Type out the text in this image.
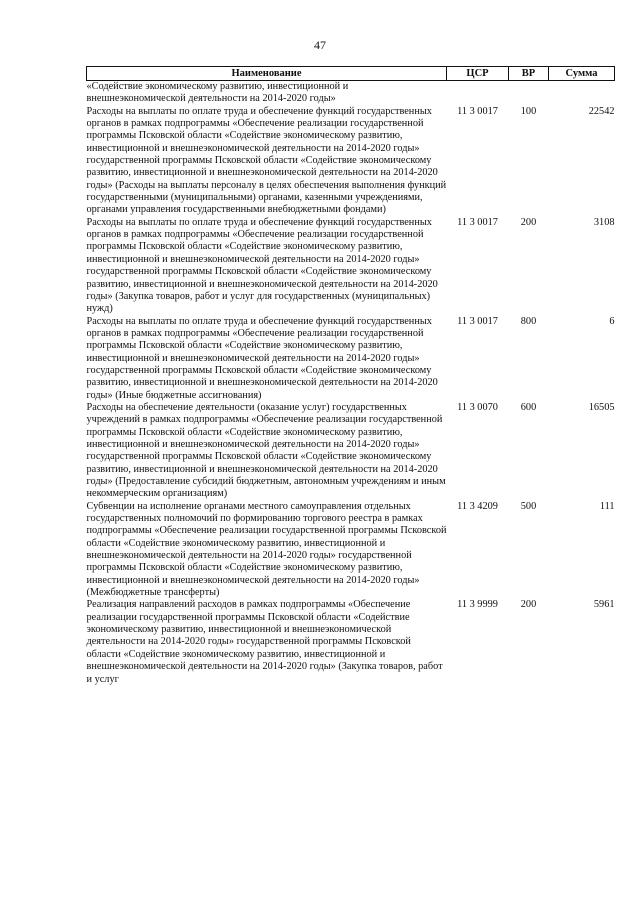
47
Наименование	ЦСР	ВР	Сумма
«Содействие экономическому развитию, инвестиционной и внешнеэкономической деятельности на 2014-2020 годы»			
Расходы на выплаты по оплате труда и обеспечение функций государственных органов в рамках подпрограммы «Обеспечение реализации государственной программы Псковской области «Содействие экономическому развитию, инвестиционной и внешнеэкономической деятельности на 2014-2020 годы» государственной программы Псковской области «Содействие экономическому развитию, инвестиционной и внешнеэкономической деятельности на 2014-2020 годы» (Расходы на выплаты персоналу в целях обеспечения выполнения функций государственными (муниципальными) органами, казенными учреждениями, органами управления государственными внебюджетными фондами)	11 3 0017	100	22542
Расходы на выплаты по оплате труда и обеспечение функций государственных органов в рамках подпрограммы «Обеспечение реализации государственной программы Псковской области «Содействие экономическому развитию, инвестиционной и внешнеэкономической деятельности на 2014-2020 годы» государственной программы Псковской области «Содействие экономическому развитию, инвестиционной и внешнеэкономической деятельности на 2014-2020 годы» (Закупка товаров, работ и услуг для государственных (муниципальных) нужд)	11 3 0017	200	3108
Расходы на выплаты по оплате труда и обеспечение функций государственных органов в рамках подпрограммы «Обеспечение реализации государственной программы Псковской области «Содействие экономическому развитию, инвестиционной и внешнеэкономической деятельности на 2014-2020 годы» государственной программы Псковской области «Содействие экономическому развитию, инвестиционной и внешнеэкономической деятельности на 2014-2020 годы» (Иные бюджетные ассигнования)	11 3 0017	800	6
Расходы на обеспечение деятельности (оказание услуг) государственных учреждений в рамках подпрограммы «Обеспечение реализации государственной программы Псковской области «Содействие экономическому развитию, инвестиционной и внешнеэкономической деятельности на 2014-2020 годы» государственной программы Псковской области «Содействие экономическому развитию, инвестиционной и внешнеэкономической деятельности на 2014-2020 годы» (Предоставление субсидий бюджетным, автономным учреждениям и иным некоммерческим организациям)	11 3 0070	600	16505
Субвенции на исполнение органами местного самоуправления отдельных государственных полномочий по формированию торгового реестра в рамках подпрограммы «Обеспечение реализации государственной программы Псковской области «Содействие экономическому развитию, инвестиционной и внешнеэкономической деятельности на 2014-2020 годы» государственной программы Псковской области «Содействие экономическому развитию, инвестиционной и внешнеэкономической деятельности на 2014-2020 годы» (Межбюджетные трансферты)	11 3 4209	500	111
Реализация направлений расходов в рамках подпрограммы «Обеспечение реализации государственной программы Псковской области «Содействие экономическому развитию, инвестиционной и внешнеэкономической деятельности на 2014-2020 годы» государственной программы Псковской области «Содействие экономическому развитию, инвестиционной и внешнеэкономической деятельности на 2014-2020 годы» (Закупка товаров, работ и услуг	11 3 9999	200	5961
